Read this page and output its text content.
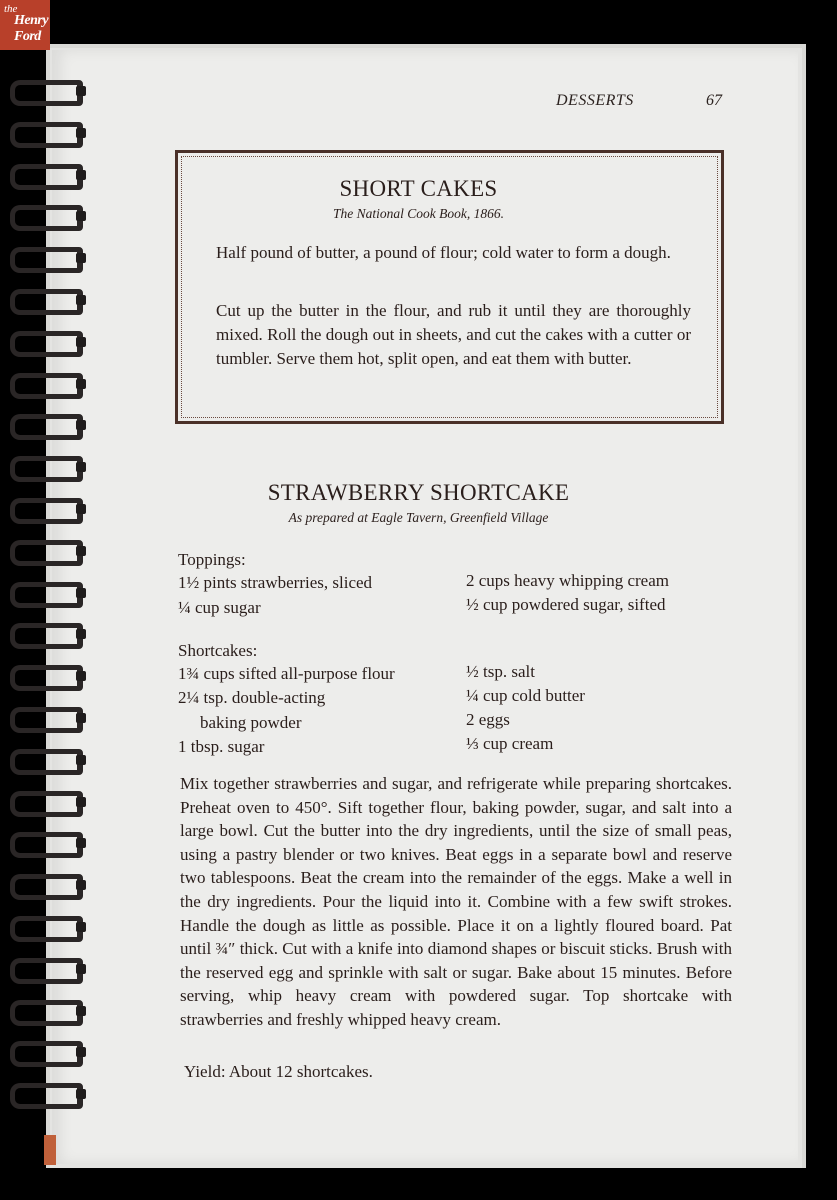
the
Henry
Ford
DESSERTS	67
SHORT CAKES
The National Cook Book, 1866.
Half pound of butter, a pound of flour; cold water to form a dough.
Cut up the butter in the flour, and rub it until they are thoroughly mixed. Roll the dough out in sheets, and cut the cakes with a cutter or tumbler. Serve them hot, split open, and eat them with butter.
STRAWBERRY SHORTCAKE
As prepared at Eagle Tavern, Greenfield Village
Toppings:
1½ pints strawberries, sliced
¼ cup sugar
2 cups heavy whipping cream
½ cup powdered sugar, sifted
Shortcakes:
1¾ cups sifted all-purpose flour
2¼ tsp. double-acting
baking powder
1 tbsp. sugar
½ tsp. salt
¼ cup cold butter
2 eggs
⅓ cup cream
Mix together strawberries and sugar, and refrigerate while preparing shortcakes. Preheat oven to 450°. Sift together flour, baking powder, sugar, and salt into a large bowl. Cut the butter into the dry ingredients, until the size of small peas, using a pastry blender or two knives. Beat eggs in a separate bowl and reserve two tablespoons. Beat the cream into the remainder of the eggs. Make a well in the dry ingredients. Pour the liquid into it. Combine with a few swift strokes. Handle the dough as little as possible. Place it on a lightly floured board. Pat until ¾″ thick. Cut with a knife into diamond shapes or biscuit sticks. Brush with the reserved egg and sprinkle with salt or sugar. Bake about 15 minutes. Before serving, whip heavy cream with powdered sugar. Top shortcake with strawberries and freshly whipped heavy cream.
Yield: About 12 shortcakes.
